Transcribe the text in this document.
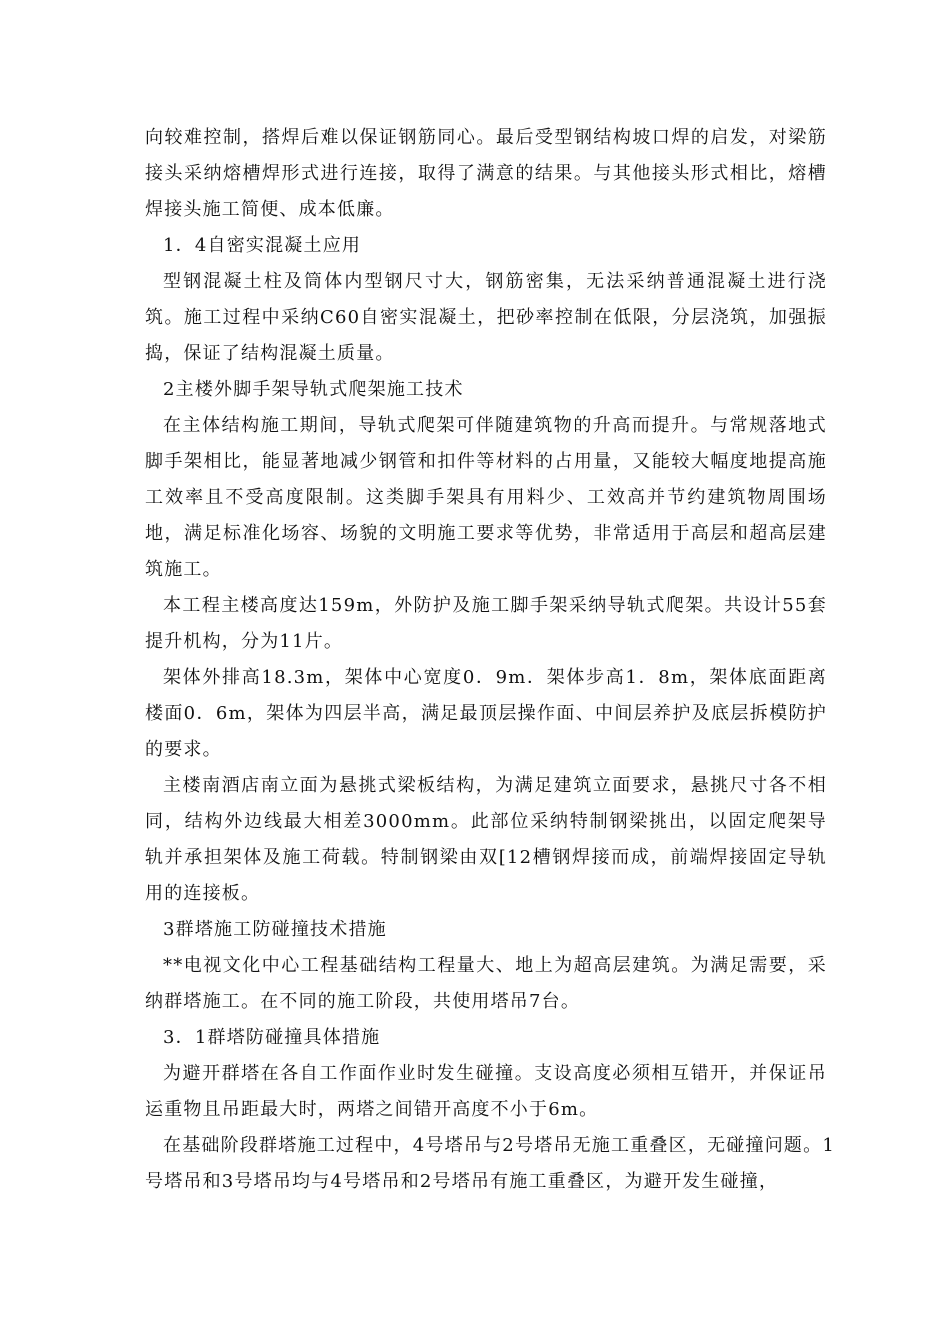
向较难控制，搭焊后难以保证钢筋同心。最后受型钢结构坡口焊的启发，对梁筋接头采纳熔槽焊形式进行连接，取得了满意的结果。与其他接头形式相比，熔槽焊接头施工简便、成本低廉。

1．4自密实混凝土应用

型钢混凝土柱及筒体内型钢尺寸大，钢筋密集，无法采纳普通混凝土进行浇筑。施工过程中采纳C60自密实混凝土，把砂率控制在低限，分层浇筑，加强振捣，保证了结构混凝土质量。

2主楼外脚手架导轨式爬架施工技术

在主体结构施工期间，导轨式爬架可伴随建筑物的升高而提升。与常规落地式脚手架相比，能显著地减少钢管和扣件等材料的占用量，又能较大幅度地提高施工效率且不受高度限制。这类脚手架具有用料少、工效高并节约建筑物周围场地，满足标准化场容、场貌的文明施工要求等优势，非常适用于高层和超高层建筑施工。

本工程主楼高度达159m，外防护及施工脚手架采纳导轨式爬架。共设计55套提升机构，分为11片。

架体外排高18.3m，架体中心宽度0．9m．架体步高1．8m，架体底面距离楼面0．6m，架体为四层半高，满足最顶层操作面、中间层养护及底层拆模防护的要求。

主楼南酒店南立面为悬挑式梁板结构，为满足建筑立面要求，悬挑尺寸各不相同，结构外边线最大相差3000mm。此部位采纳特制钢梁挑出，以固定爬架导轨并承担架体及施工荷载。特制钢梁由双[12槽钢焊接而成，前端焊接固定导轨用的连接板。

3群塔施工防碰撞技术措施

**电视文化中心工程基础结构工程量大、地上为超高层建筑。为满足需要，采纳群塔施工。在不同的施工阶段，共使用塔吊7台。

3．1群塔防碰撞具体措施

为避开群塔在各自工作面作业时发生碰撞。支设高度必须相互错开，并保证吊运重物且吊距最大时，两塔之间错开高度不小于6m。

在基础阶段群塔施工过程中，4号塔吊与2号塔吊无施工重叠区，无碰撞问题。1号塔吊和3号塔吊均与4号塔吊和2号塔吊有施工重叠区，为避开发生碰撞，
